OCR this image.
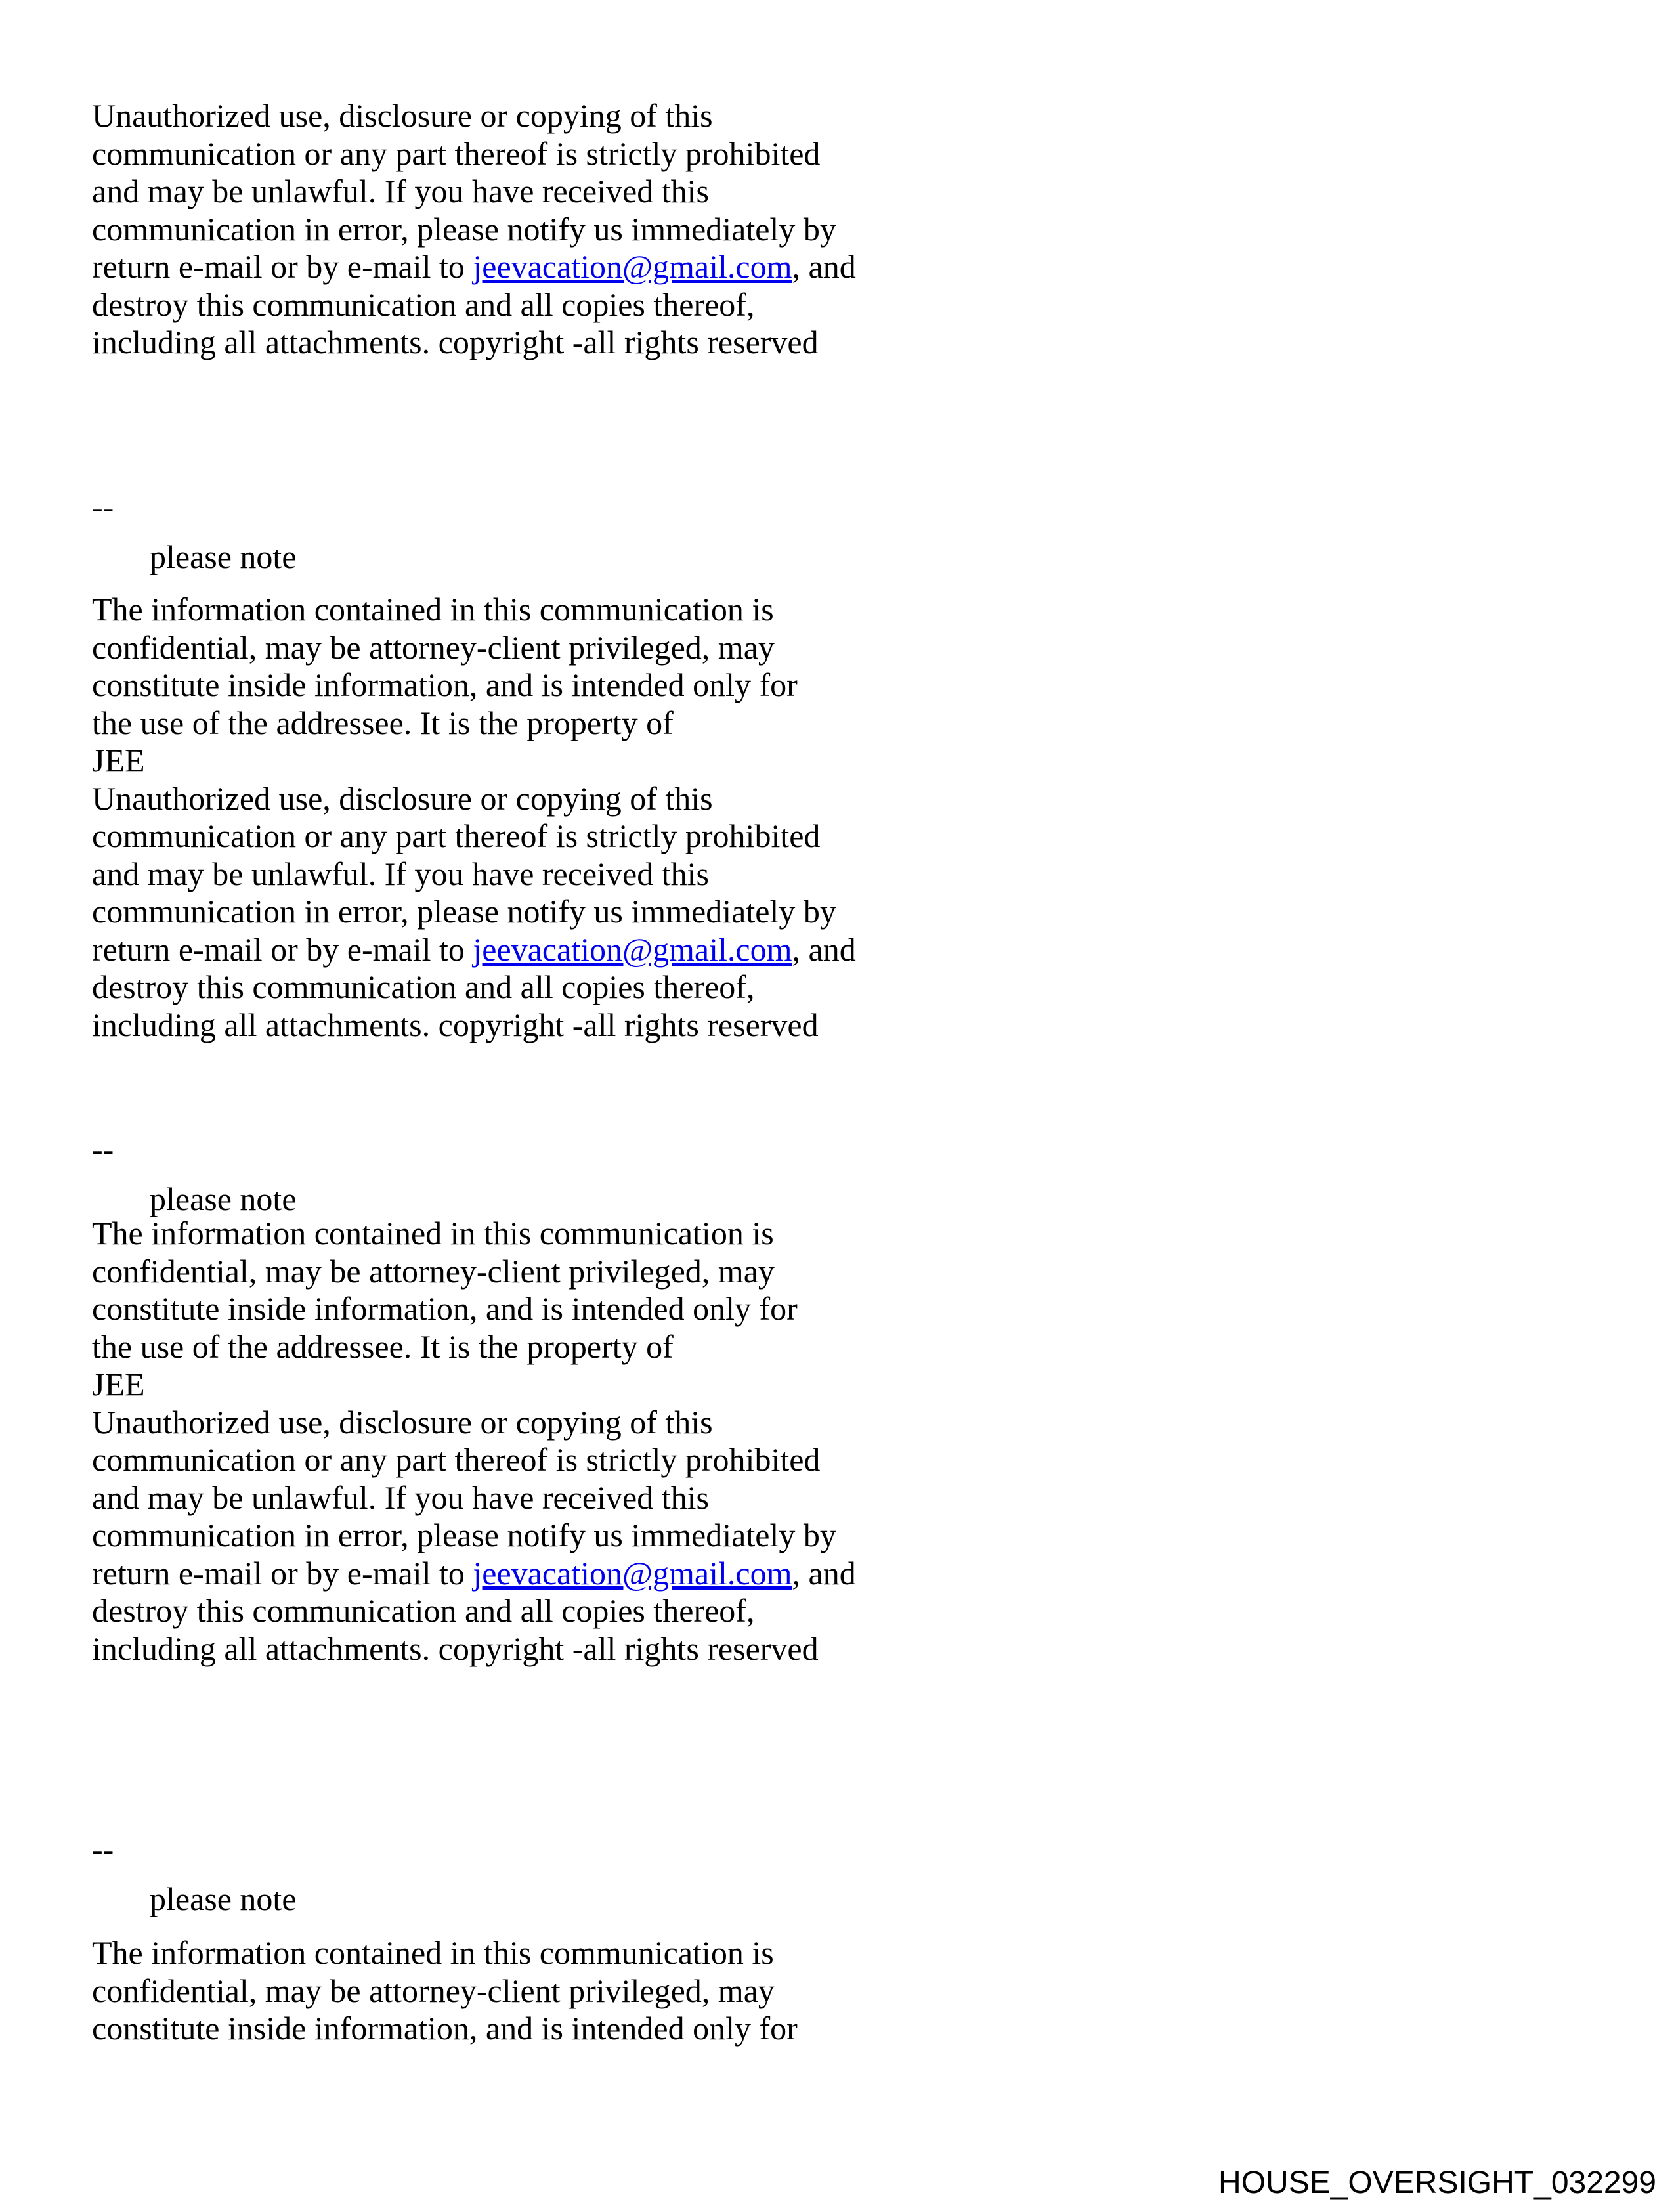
Unauthorized use, disclosure or copying of this
communication or any part thereof is strictly prohibited
and may be unlawful. If you have received this
communication in error, please notify us immediately by
return e-mail or by e-mail to jeevacation@gmail.com, and
destroy this communication and all copies thereof,
including all attachments. copyright -all rights reserved
--
please note
The information contained in this communication is
confidential, may be attorney-client privileged, may
constitute inside information, and is intended only for
the use of the addressee. It is the property of
JEE
Unauthorized use, disclosure or copying of this
communication or any part thereof is strictly prohibited
and may be unlawful. If you have received this
communication in error, please notify us immediately by
return e-mail or by e-mail to jeevacation@gmail.com, and
destroy this communication and all copies thereof,
including all attachments. copyright -all rights reserved
--
please note
The information contained in this communication is
confidential, may be attorney-client privileged, may
constitute inside information, and is intended only for
the use of the addressee. It is the property of
JEE
Unauthorized use, disclosure or copying of this
communication or any part thereof is strictly prohibited
and may be unlawful. If you have received this
communication in error, please notify us immediately by
return e-mail or by e-mail to jeevacation@gmail.com, and
destroy this communication and all copies thereof,
including all attachments. copyright -all rights reserved
--
please note
The information contained in this communication is
confidential, may be attorney-client privileged, may
constitute inside information, and is intended only for
HOUSE_OVERSIGHT_032299
